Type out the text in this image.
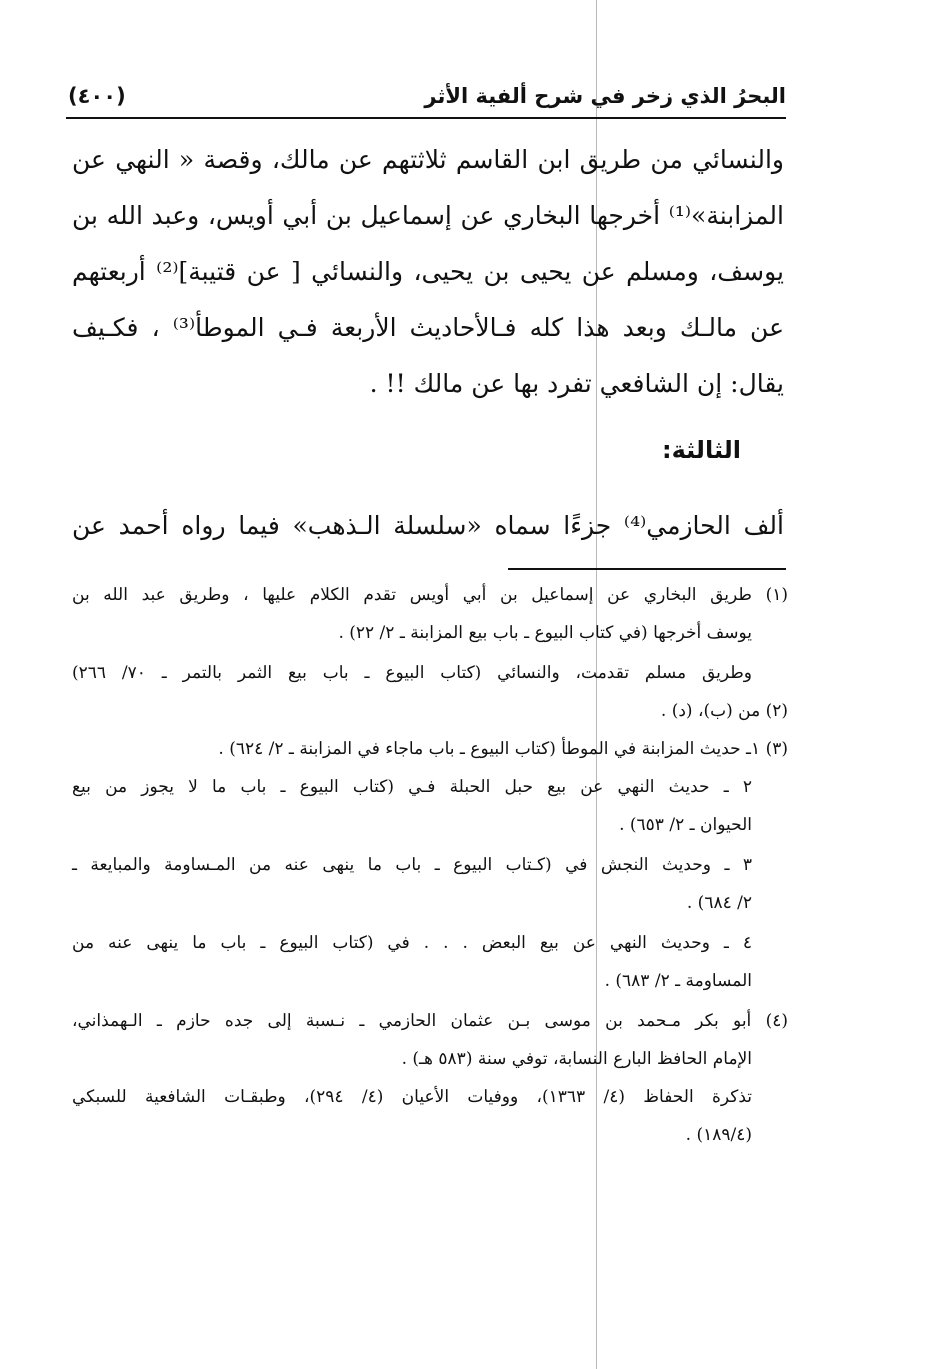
البحرُ الذي زخر في شرح ألفية الأثر
(٤٠٠)
والنسائي من طريق ابن القاسم ثلاثتهم عن مالك، وقصة « النهي عن
المزابنة»⁽¹⁾ أخرجها البخاري عن إسماعيل بن أبي أويس، وعبد الله بن
يوسف، ومسلم عن يحيى بن يحيى، والنسائي [ عن قتيبة]⁽²⁾ أربعتهم
عن مالـك وبعد هذا كله فـالأحاديث الأربعة فـي الموطأ⁽³⁾ ، فكـيف
يقال: إن الشافعي تفرد بها عن مالك !! .
الثالثة:
ألف الحازمي⁽⁴⁾ جزءًا سماه «سلسلة الـذهب» فيما رواه أحمد عن
(١) طريق البخاري عن إسماعيل بن أبي أويس تقدم الكلام عليها ، وطريق عبد الله بن
يوسف أخرجها (في كتاب البيوع ـ باب بيع المزابنة ـ ٢/ ٢٢) .
وطريق مسلم تقدمت، والنسائي (كتاب البيوع ـ باب بيع الثمر بالتمر ـ ٧٠/ ٢٦٦)
(٢) من (ب)، (د) .
(٣) ١ـ حديث المزابنة في الموطأ (كتاب البيوع ـ باب ماجاء في المزابنة ـ ٢/ ٦٢٤) .
٢ ـ حديث النهي عن بيع حبل الحبلة فـي (كتاب البيوع ـ باب ما لا يجوز من بيع
الحيوان ـ ٢/ ٦٥٣) .
٣ ـ وحديث النجش في (كـتاب البيوع ـ باب ما ينهى عنه من المـساومة والمبايعة ـ
٢/ ٦٨٤) .
٤ ـ وحديث النهي عن بيع البعض . . . في (كتاب البيوع ـ باب ما ينهى عنه من
المساومة ـ ٢/ ٦٨٣) .
(٤) أبو بكر مـحمد بن موسى بـن عثمان الحازمي ـ نـسبة إلى جده حازم ـ الـهمذاني،
الإمام الحافظ البارع النسابة، توفي سنة (٥٨٣ هـ) .
تذكرة الحفاظ (٤/ ١٣٦٣)، ووفيات الأعيان (٤/ ٢٩٤)، وطبقـات الشافعية للسبكي
(١٨٩/٤) .
